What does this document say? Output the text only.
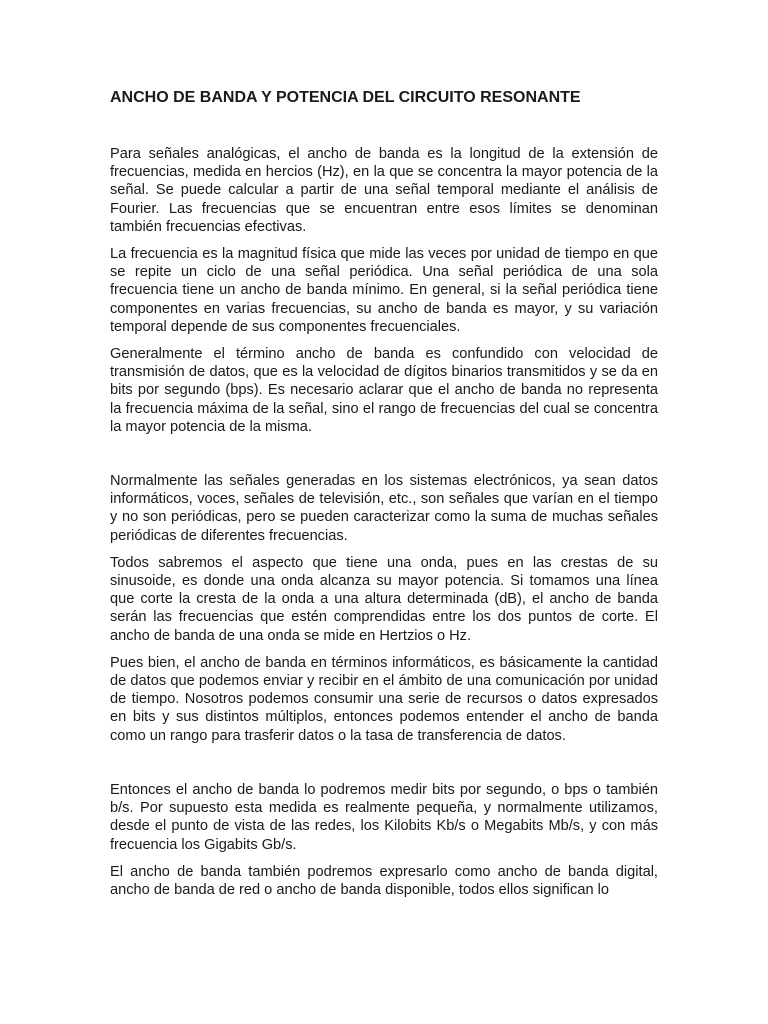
ANCHO DE BANDA Y POTENCIA DEL CIRCUITO RESONANTE

Para señales analógicas, el ancho de banda es la longitud de la extensión de frecuencias, medida en hercios (Hz), en la que se concentra la mayor potencia de la señal. Se puede calcular a partir de una señal temporal mediante el análisis de Fourier. Las frecuencias que se encuentran entre esos límites se denominan también frecuencias efectivas.

La frecuencia es la magnitud física que mide las veces por unidad de tiempo en que se repite un ciclo de una señal periódica. Una señal periódica de una sola frecuencia tiene un ancho de banda mínimo. En general, si la señal periódica tiene componentes en varias frecuencias, su ancho de banda es mayor, y su variación temporal depende de sus componentes frecuenciales.

Generalmente el término ancho de banda es confundido con velocidad de transmisión de datos, que es la velocidad de dígitos binarios transmitidos y se da en bits por segundo (bps). Es necesario aclarar que el ancho de banda no representa la frecuencia máxima de la señal, sino el rango de frecuencias del cual se concentra la mayor potencia de la misma.

Normalmente las señales generadas en los sistemas electrónicos, ya sean datos informáticos, voces, señales de televisión, etc., son señales que varían en el tiempo y no son periódicas, pero se pueden caracterizar como la suma de muchas señales periódicas de diferentes frecuencias.

Todos sabremos el aspecto que tiene una onda, pues en las crestas de su sinusoide, es donde una onda alcanza su mayor potencia. Si tomamos una línea que corte la cresta de la onda a una altura determinada (dB), el ancho de banda serán las frecuencias que estén comprendidas entre los dos puntos de corte. El ancho de banda de una onda se mide en Hertzios o Hz.

Pues bien, el ancho de banda en términos informáticos, es básicamente la cantidad de datos que podemos enviar y recibir en el ámbito de una comunicación por unidad de tiempo. Nosotros podemos consumir una serie de recursos o datos expresados en bits y sus distintos múltiplos, entonces podemos entender el ancho de banda como un rango para trasferir datos o la tasa de transferencia de datos.

Entonces el ancho de banda lo podremos medir bits por segundo, o bps o también b/s. Por supuesto esta medida es realmente pequeña, y normalmente utilizamos, desde el punto de vista de las redes, los Kilobits Kb/s o Megabits Mb/s, y con más frecuencia los Gigabits Gb/s.

El ancho de banda también podremos expresarlo como ancho de banda digital, ancho de banda de red o ancho de banda disponible, todos ellos significan lo
